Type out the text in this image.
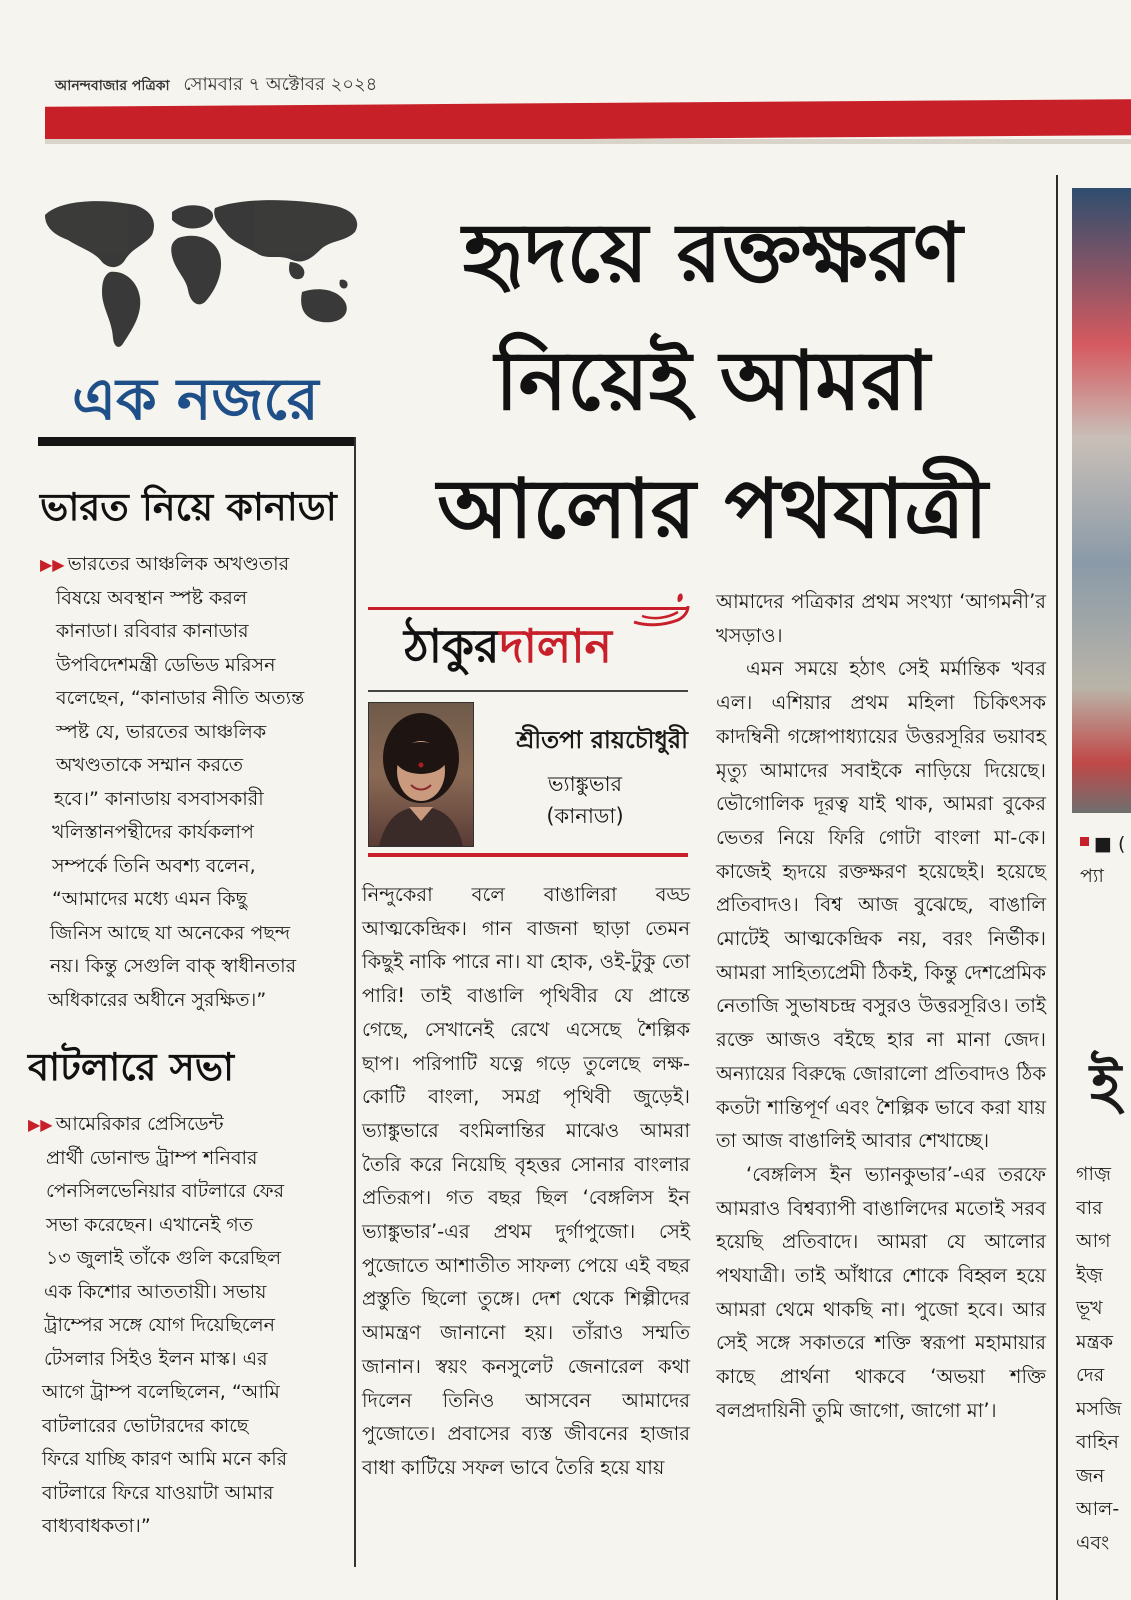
আনন্দবাজার পত্রিকা সোমবার ৭ অক্টোবর ২০২৪
এক নজরে
ভারত নিয়ে কানাডা
▶▶ ভারতের আঞ্চলিক অখণ্ডতার
বিষয়ে অবস্থান স্পষ্ট করল
কানাডা। রবিবার কানাডার
উপবিদেশমন্ত্রী ডেভিড মরিসন
বলেছেন, “কানাডার নীতি অত্যন্ত
স্পষ্ট যে, ভারতের আঞ্চলিক
অখণ্ডতাকে সম্মান করতে
হবে।” কানাডায় বসবাসকারী
খলিস্তানপন্থীদের কার্যকলাপ
সম্পর্কে তিনি অবশ্য বলেন,
“আমাদের মধ্যে এমন কিছু
জিনিস আছে যা অনেকের পছন্দ
নয়। কিন্তু সেগুলি বাক্ স্বাধীনতার
অধিকারের অধীনে সুরক্ষিত।”
বাটলারে সভা
▶▶ আমেরিকার প্রেসিডেন্ট
প্রার্থী ডোনাল্ড ট্রাম্প শনিবার
পেনসিলভেনিয়ার বাটলারে ফের
সভা করেছেন। এখানেই গত
১৩ জুলাই তাঁকে গুলি করেছিল
এক কিশোর আততায়ী। সভায়
ট্রাম্পের সঙ্গে যোগ দিয়েছিলেন
টেসলার সিইও ইলন মাস্ক। এর
আগে ট্রাম্প বলেছিলেন, “আমি
বাটলারের ভোটারদের কাছে
ফিরে যাচ্ছি কারণ আমি মনে করি
বাটলারে ফিরে যাওয়াটা আমার
বাধ্যবাধকতা।”
হৃদয়ে রক্তক্ষরণ
নিয়েই আমরা
আলোর পথযাত্রী
ঠাকুরদালান
শ্রীতপা রায়চৌধুরী
ভ্যাঙ্কুভার
(কানাডা)
নিন্দুকেরা বলে বাঙালিরা বড্ড আত্মকেন্দ্রিক। গান বাজনা ছাড়া তেমন কিছুই নাকি পারে না। যা হোক, ওই-টুকু তো পারি! তাই বাঙালি পৃথিবীর যে প্রান্তে গেছে, সেখানেই রেখে এসেছে শৈল্পিক ছাপ। পরিপাটি যত্নে গড়ে তুলেছে লক্ষ-কোটি বাংলা, সমগ্র পৃথিবী জুড়েই। ভ্যাঙ্কুভারে বংমিলান্তির মাঝেও আমরা তৈরি করে নিয়েছি বৃহত্তর সোনার বাংলার প্রতিরূপ। গত বছর ছিল ‘বেঙ্গলিস ইন ভ্যাঙ্কুভার’-এর প্রথম দুর্গাপুজো। সেই পুজোতে আশাতীত সাফল্য পেয়ে এই বছর প্রস্তুতি ছিলো তুঙ্গে। দেশ থেকে শিল্পীদের আমন্ত্রণ জানানো হয়। তাঁরাও সম্মতি জানান। স্বয়ং কনসুলেট জেনারেল কথা দিলেন তিনিও আসবেন আমাদের পুজোতে। প্রবাসের ব্যস্ত জীবনের হাজার বাধা কাটিয়ে সফল ভাবে তৈরি হয়ে যায়

আমাদের পত্রিকার প্রথম সংখ্যা ‘আগমনী’র খসড়াও।

এমন সময়ে হঠাৎ সেই মর্মান্তিক খবর এল। এশিয়ার প্রথম মহিলা চিকিৎসক কাদম্বিনী গঙ্গোপাধ্যায়ের উত্তরসূরির ভয়াবহ মৃত্যু আমাদের সবাইকে নাড়িয়ে দিয়েছে। ভৌগোলিক দূরত্ব যাই থাক, আমরা বুকের ভেতর নিয়ে ফিরি গোটা বাংলা মা-কে। কাজেই হৃদয়ে রক্তক্ষরণ হয়েছেই। হয়েছে প্রতিবাদও। বিশ্ব আজ বুঝেছে, বাঙালি মোটেই আত্মকেন্দ্রিক নয়, বরং নির্ভীক। আমরা সাহিত্যপ্রেমী ঠিকই, কিন্তু দেশপ্রেমিক নেতাজি সুভাষচন্দ্র বসুরও উত্তরসূরিও। তাই রক্তে আজও বইছে হার না মানা জেদ। অন্যায়ের বিরুদ্ধে জোরালো প্রতিবাদও ঠিক কতটা শান্তিপূর্ণ এবং শৈল্পিক ভাবে করা যায় তা আজ বাঙালিই আবার শেখাচ্ছে।

‘বেঙ্গলিস ইন ভ্যানকুভার’-এর তরফে আমরাও বিশ্বব্যাপী বাঙালিদের মতোই সরব হয়েছি প্রতিবাদে। আমরা যে আলোর পথযাত্রী। তাই আঁধারে শোকে বিহ্বল হয়ে আমরা থেমে থাকছি না। পুজো হবে। আর সেই সঙ্গে সকাতরে শক্তি স্বরূপা মহামায়ার কাছে প্রার্থনা থাকবে ‘অভয়া শক্তি বলপ্রদায়িনী তুমি জাগো, জাগো মা’।

■ (
প্যা
ই
গাজ়
বার
আগ
ইজ়
ভূখ
মন্ত্রক
দের
মসজি
বাহিন
জন
আল-
এবং
